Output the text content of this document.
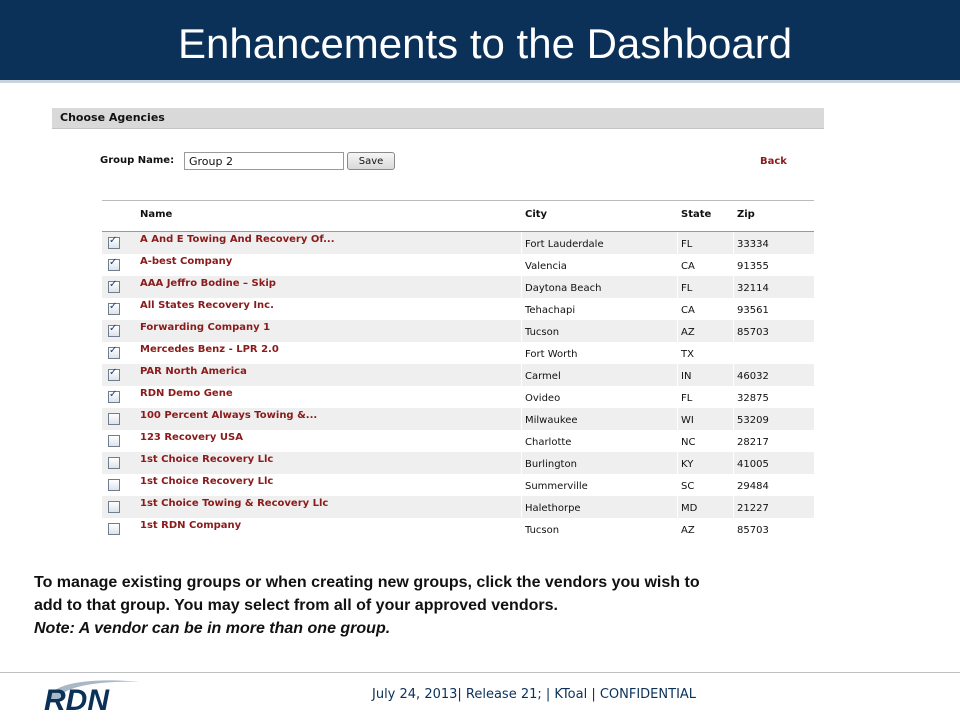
Enhancements to the Dashboard
Choose Agencies
Group Name:
Group 2	Save	Back
Name	City	State	Zip
✓
A And E Towing And Recovery Of...	Fort Lauderdale	FL	33334
✓
A-best Company	Valencia	CA	91355
✓
AAA Jeffro Bodine – Skip	Daytona Beach	FL	32114
✓
All States Recovery Inc.	Tehachapi	CA	93561
✓
Forwarding Company 1	Tucson	AZ	85703
✓
Mercedes Benz - LPR 2.0	Fort Worth	TX
✓
PAR North America	Carmel	IN	46032
✓
RDN Demo Gene	Ovideo	FL	32875
100 Percent Always Towing &...	Milwaukee	WI	53209
123 Recovery USA	Charlotte	NC	28217
1st Choice Recovery Llc	Burlington	KY	41005
1st Choice Recovery Llc	Summerville	SC	29484
1st Choice Towing & Recovery Llc	Halethorpe	MD	21227
1st RDN Company	Tucson	AZ	85703
To manage existing groups or when creating new groups, click the vendors you wish to
add to that group. You may select from all of your approved vendors.
Note: A vendor can be in more than one group.
RDN	July 24, 2013| Release 21; | KToal | CONFIDENTIAL
